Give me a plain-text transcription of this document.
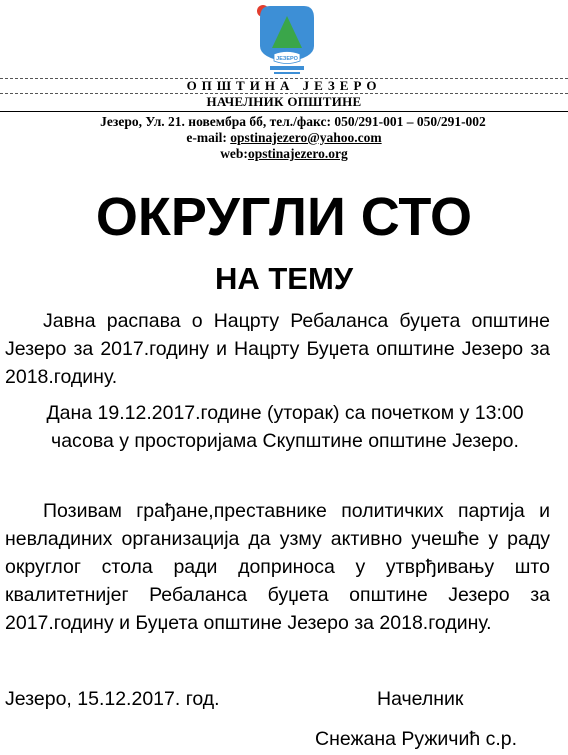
ЈЕЗЕРО
ОПШТИНА ЈЕЗЕРО
НАЧЕЛНИК ОПШТИНЕ
Језеро, Ул. 21. новембра бб, тел./факс: 050/291-001 – 050/291-002
e-mail: opstinajezero@yahoo.com
web:opstinajezero.org
ОКРУГЛИ СТО
НА ТЕМУ
Јавна распава о Нацрту Ребаланса буџета општине Језеро за 2017.годину и Нацрту Буџета општине Језеро за 2018.годину.
Дана 19.12.2017.године (уторак) са почетком у 13:00 часова у просторијама Скупштине општине Језеро.
Позивам грађане,преставнике политичких партија и невладиних организација да узму активно учешће у раду округлог стола ради доприноса у утврђивању што квалитетнијег Ребаланса буџета општине Језеро за 2017.годину и Буџета општине Језеро за 2018.годину.
Језеро, 15.12.2017. год.	Начелник
Снежана Ружичић с.р.
